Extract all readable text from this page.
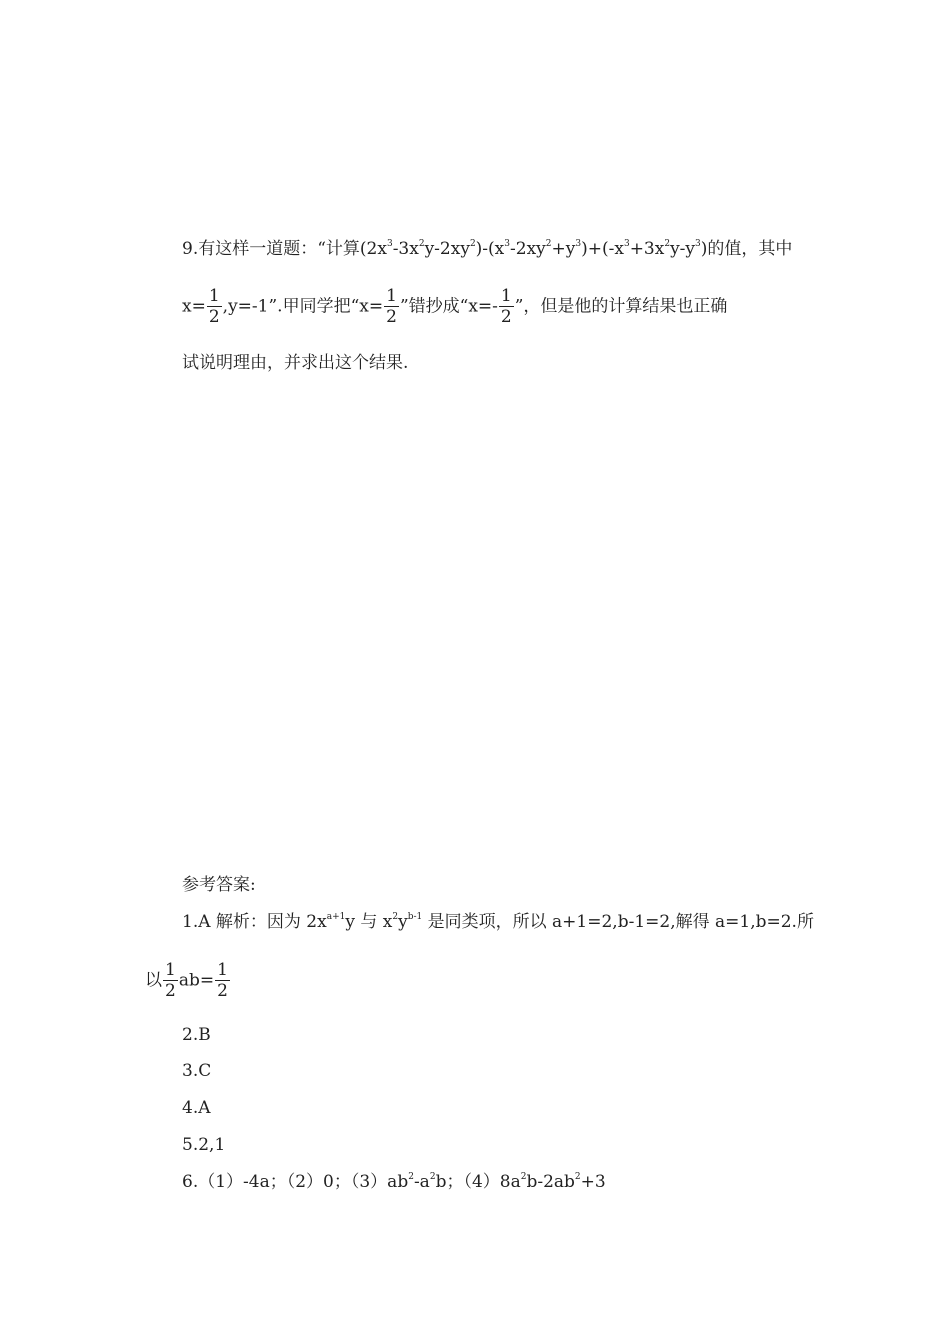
9.有这样一道题：“计算$(2x^3-3x^2y-2xy^2)-(x^3-2xy^2+y^3)+(-x^3+3x^2y-y^3)$的值，其中
$x= \frac{1}{2} ,y=-1$”.甲同学把“$x= \frac{1}{2}$ ”错抄成“$x=- \frac{1}{2}$ ”，但是他的计算结果也正确
试说明理由，并求出这个结果.
参考答案:
1.A 解析：因为 $2x^{a+1}y$ 与 $x^2y^{b-1}$ 是同类项，所以 a+1=2,b-1=2,解得 a=1,b=2.所
以 $\frac{1}{2} ab= \frac{1}{2}$
2.B
3.C
4.A
5.2,1
6.（1）-4a；（2）0；$(3)ab^2-a^2b$；$(4)8a^2b-2ab^2+3$
